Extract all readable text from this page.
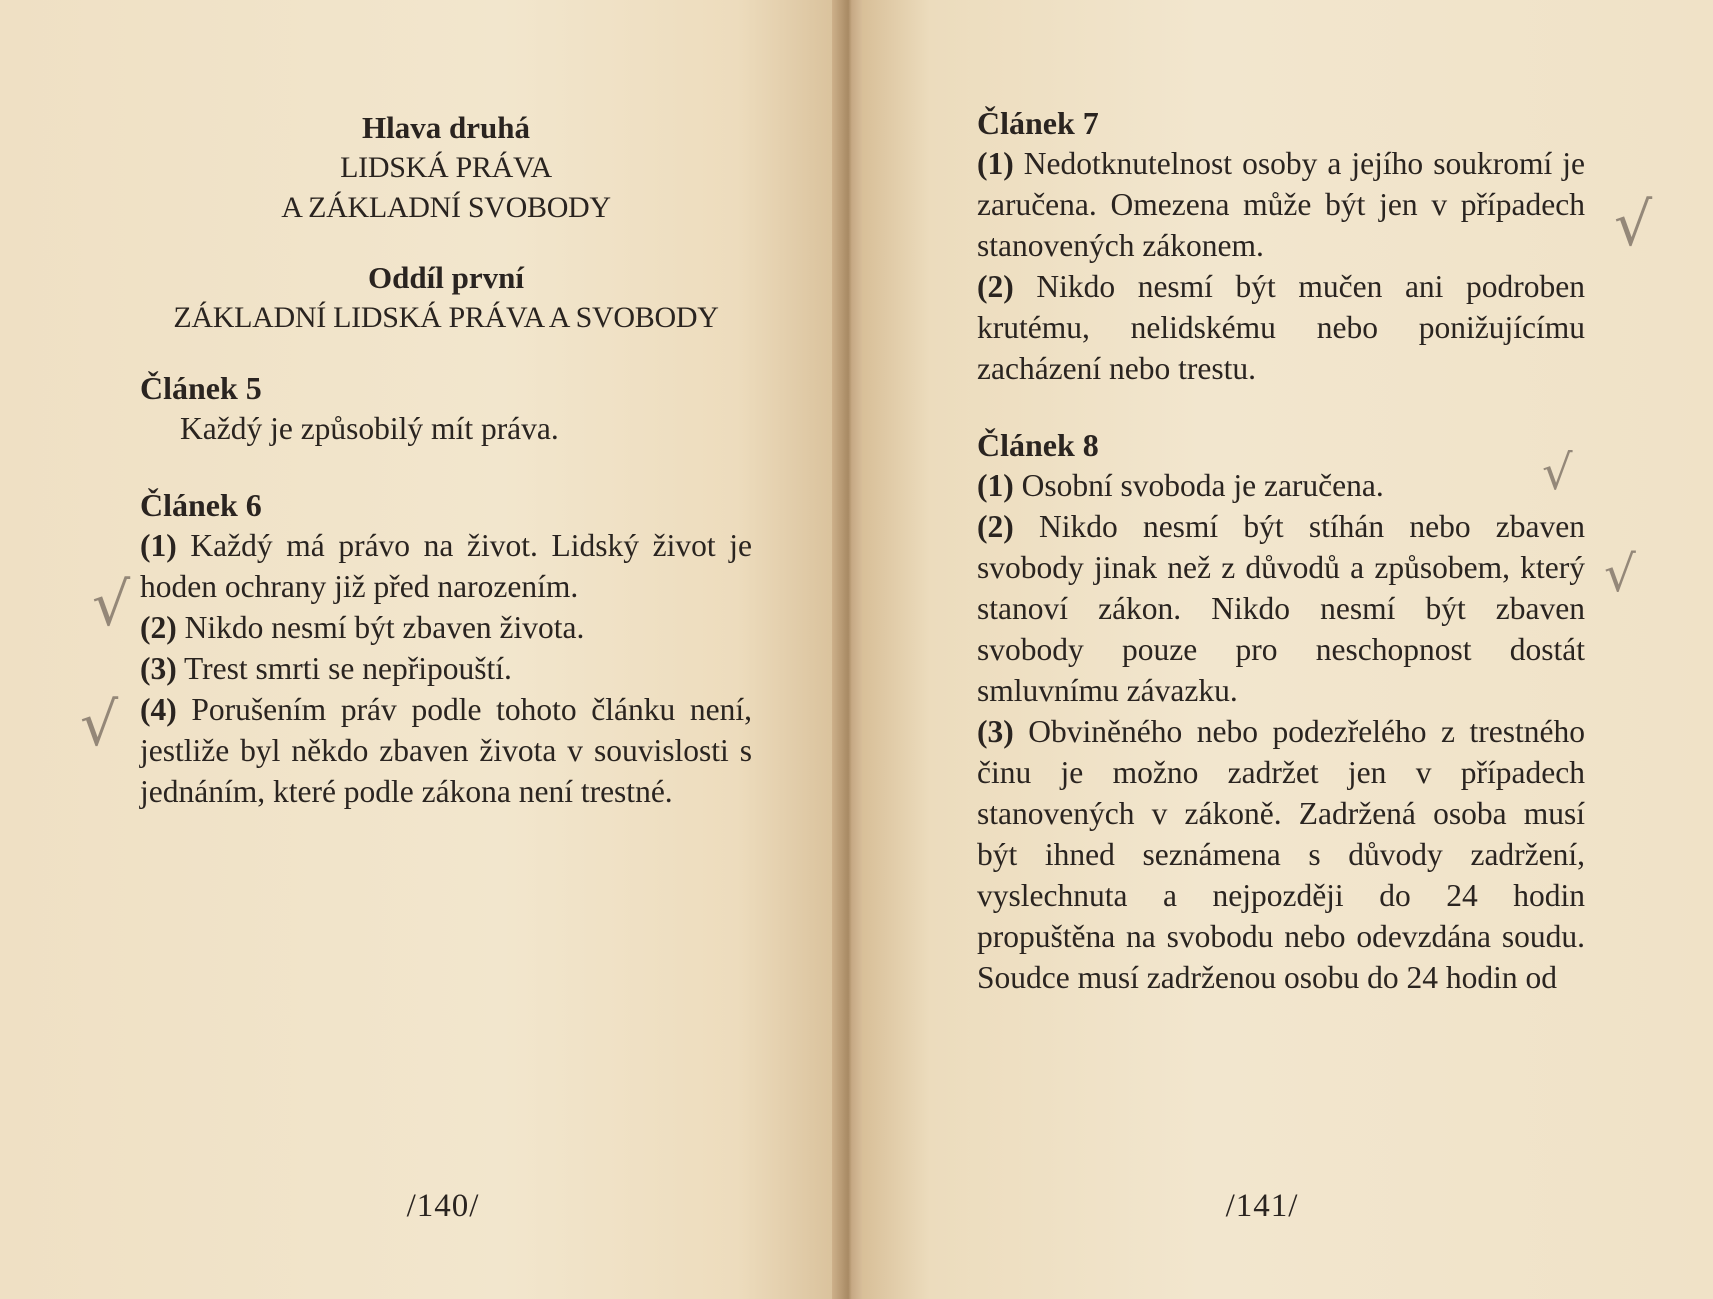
Hlava druhá
LIDSKÁ PRÁVA
A ZÁKLADNÍ SVOBODY
Oddíl první
ZÁKLADNÍ LIDSKÁ PRÁVA A SVOBODY
Článek 5
Každý je způsobilý mít práva.
Článek 6
(1) Každý má právo na život. Lidský život je hoden ochrany již před narozením.
(2) Nikdo nesmí být zbaven života.
(3) Trest smrti se nepřipouští.
(4) Porušením práv podle tohoto článku není, jestliže byl někdo zbaven života v souvislosti s jednáním, které podle zákona není trestné.
/140/
√
√
Článek 7
(1) Nedotknutelnost osoby a jejího soukromí je zaručena. Omezena může být jen v případech stanovených zákonem.
(2) Nikdo nesmí být mučen ani podroben krutému, nelidskému nebo ponižujícímu zacházení nebo trestu.
Článek 8
(1) Osobní svoboda je zaručena.
(2) Nikdo nesmí být stíhán nebo zbaven svobody jinak než z důvodů a způsobem, který stanoví zákon. Nikdo nesmí být zbaven svobody pouze pro neschopnost dostát smluvnímu závazku.
(3) Obviněného nebo podezřelého z trestného činu je možno zadržet jen v případech stanovených v zákoně. Zadržená osoba musí být ihned seznámena s důvody zadržení, vyslechnuta a nejpozději do 24 hodin propuštěna na svobodu nebo odevzdána soudu. Soudce musí zadrženou osobu do 24 hodin od
/141/
√
√
√
